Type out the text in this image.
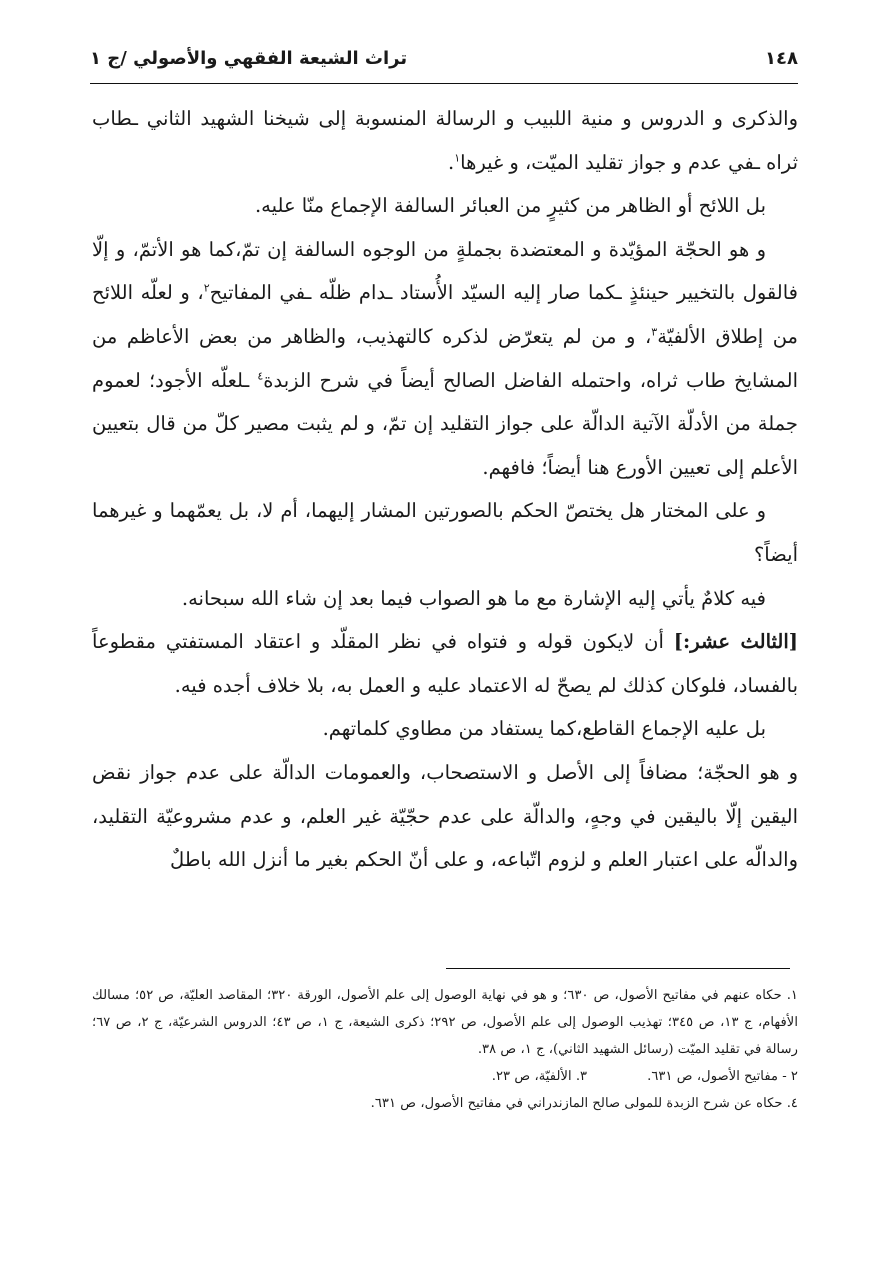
١٤٨
تراث الشيعة الفقهي والأصولي /ج ١

والذكرى و الدروس و منية اللبيب و الرسالة المنسوبة إلى شيخنا الشهيد الثاني ـطاب ثراه ـفي عدم و جواز تقليد الميّت، و غيرها$^١$.

بل اللائح أو الظاهر من كثيرٍ من العبائر السالفة الإجماع منّا عليه.

و هو الحجّة المؤيّدة و المعتضدة بجملةٍ من الوجوه السالفة إن تمّ،كما هو الأتمّ، و إلّا فالقول بالتخيير حينئذٍ ـكما صار إليه السيّد الأُستاد ـدام ظلّه ـفي المفاتيح$^٢$، و لعلّه اللائح من إطلاق الألفيّة$^٣$، و من لم يتعرّض لذكره كالتهذيب، والظاهر من بعض الأعاظم من المشايخ طاب ثراه، واحتمله الفاضل الصالح أيضاً في شرح الزبدة$^٤$ ـلعلّه الأجود؛ لعموم جملة من الأدلّة الآتية الدالّة على جواز التقليد إن تمّ، و لم يثبت مصير كلّ من قال بتعيين الأعلم إلى تعيين الأورع هنا أيضاً؛ فافهم.

و على المختار هل يختصّ الحكم بالصورتين المشار إليهما، أم لا، بل يعمّهما و غيرهما أيضاً؟

فيه كلامٌ يأتي إليه الإشارة مع ما هو الصواب فيما بعد إن شاء الله سبحانه.

[الثالث عشر:] أن لايكون قوله و فتواه في نظر المقلّد و اعتقاد المستفتي مقطوعاً بالفساد، فلوكان كذلك لم يصحّ له الاعتماد عليه و العمل به، بلا خلاف أجده فيه.

بل عليه الإجماع القاطع،كما يستفاد من مطاوي كلماتهم.

و هو الحجّة؛ مضافاً إلى الأصل و الاستصحاب، والعمومات الدالّة على عدم جواز نقض اليقين إلّا باليقين في وجهٍ، والدالّة على عدم حجّيّة غير العلم، و عدم مشروعيّة التقليد، والدالّه على اعتبار العلم و لزوم اتّباعه، و على أنّ الحكم بغير ما أنزل الله باطلٌ

١. حكاه عنهم في مفاتيح الأصول، ص ٦٣٠؛ و هو في نهاية الوصول إلى علم الأصول، الورقة ٣٢٠؛ المقاصد العليّة، ص ٥٢؛ مسالك الأفهام، ج ١٣، ص ٣٤٥؛ تهذيب الوصول إلى علم الأصول، ص ٢٩٢؛ ذكرى الشيعة، ج ١، ص ٤٣؛ الدروس الشرعيّة، ج ٢، ص ٦٧؛ رسالة في تقليد الميّت (رسائل الشهيد الثاني)، ج ١، ص ٣٨.

٢ - مفاتيح الأصول، ص ٦٣١.
٣. الألفيّة، ص ٢٣.

٤. حكاه عن شرح الزبدة للمولى صالح المازندراني في مفاتيح الأصول، ص ٦٣١.
